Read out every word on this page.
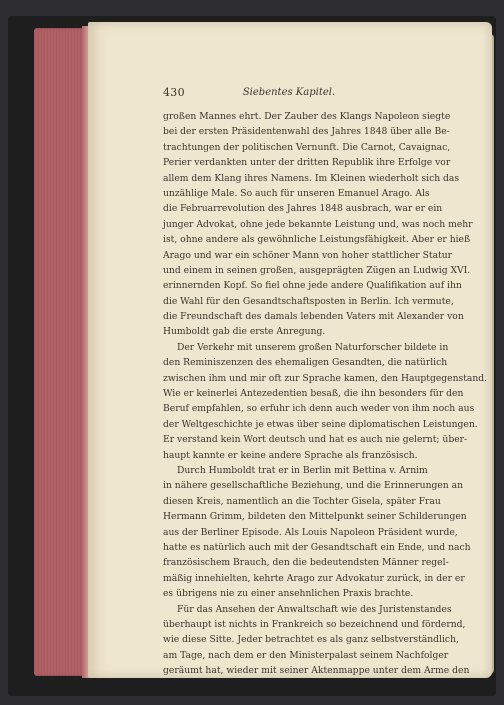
430	Siebentes Kapitel.
großen Mannes ehrt. Der Zauber des Klangs Napoleon siegte
bei der ersten Präsidentenwahl des Jahres 1848 über alle Be-
trachtungen der politischen Vernunft. Die Carnot, Cavaignac,
Perier verdankten unter der dritten Republik ihre Erfolge vor
allem dem Klang ihres Namens. Im Kleinen wiederholt sich das
unzählige Male. So auch für unseren Emanuel Arago. Als
die Februarrevolution des Jahres 1848 ausbrach, war er ein
junger Advokat, ohne jede bekannte Leistung und, was noch mehr
ist, ohne andere als gewöhnliche Leistungsfähigkeit. Aber er hieß
Arago und war ein schöner Mann von hoher stattlicher Statur
und einem in seinen großen, ausgeprägten Zügen an Ludwig XVI.
erinnernden Kopf. So fiel ohne jede andere Qualifikation auf ihn
die Wahl für den Gesandtschaftsposten in Berlin. Ich vermute,
die Freundschaft des damals lebenden Vaters mit Alexander von
Humboldt gab die erste Anregung.
Der Verkehr mit unserem großen Naturforscher bildete in
den Reminiszenzen des ehemaligen Gesandten, die natürlich
zwischen ihm und mir oft zur Sprache kamen, den Hauptgegenstand.
Wie er keinerlei Antezedentien besaß, die ihn besonders für den
Beruf empfahlen, so erfuhr ich denn auch weder von ihm noch aus
der Weltgeschichte je etwas über seine diplomatischen Leistungen.
Er verstand kein Wort deutsch und hat es auch nie gelernt; über-
haupt kannte er keine andere Sprache als französisch.
Durch Humboldt trat er in Berlin mit Bettina v. Arnim
in nähere gesellschaftliche Beziehung, und die Erinnerungen an
diesen Kreis, namentlich an die Tochter Gisela, später Frau
Hermann Grimm, bildeten den Mittelpunkt seiner Schilderungen
aus der Berliner Episode. Als Louis Napoleon Präsident wurde,
hatte es natürlich auch mit der Gesandtschaft ein Ende, und nach
französischem Brauch, den die bedeutendsten Männer regel-
mäßig innehielten, kehrte Arago zur Advokatur zurück, in der er
es übrigens nie zu einer ansehnlichen Praxis brachte.
Für das Ansehen der Anwaltschaft wie des Juristenstandes
überhaupt ist nichts in Frankreich so bezeichnend und fördernd,
wie diese Sitte. Jeder betrachtet es als ganz selbstverständlich,
am Tage, nach dem er den Ministerpalast seinem Nachfolger
geräumt hat, wieder mit seiner Aktenmappe unter dem Arme den
